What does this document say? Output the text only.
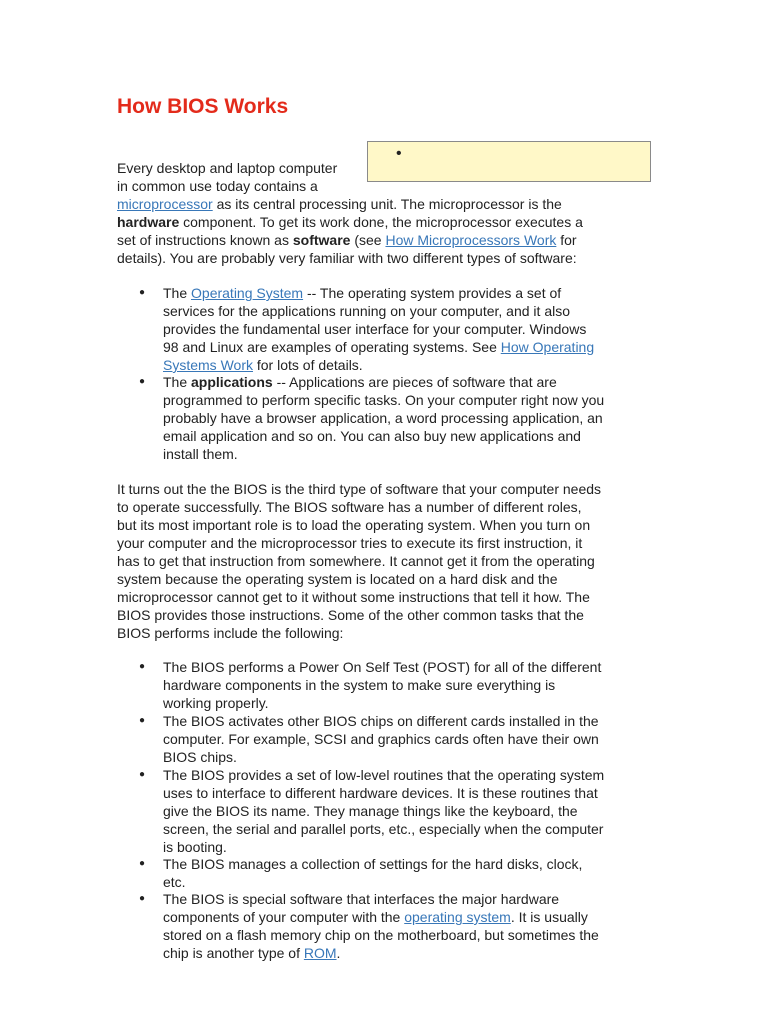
How BIOS Works
•
Every desktop and laptop computer
in common use today contains a
microprocessor as its central processing unit. The microprocessor is the
hardware component. To get its work done, the microprocessor executes a
set of instructions known as software (see How Microprocessors Work for
details). You are probably very familiar with two different types of software:
● The Operating System -- The operating system provides a set of
services for the applications running on your computer, and it also
provides the fundamental user interface for your computer. Windows
98 and Linux are examples of operating systems. See How Operating
Systems Work for lots of details.
● The applications -- Applications are pieces of software that are
programmed to perform specific tasks. On your computer right now you
probably have a browser application, a word processing application, an
email application and so on. You can also buy new applications and
install them.
It turns out the the BIOS is the third type of software that your computer needs
to operate successfully. The BIOS software has a number of different roles,
but its most important role is to load the operating system. When you turn on
your computer and the microprocessor tries to execute its first instruction, it
has to get that instruction from somewhere. It cannot get it from the operating
system because the operating system is located on a hard disk and the
microprocessor cannot get to it without some instructions that tell it how. The
BIOS provides those instructions. Some of the other common tasks that the
BIOS performs include the following:
● The BIOS performs a Power On Self Test (POST) for all of the different
hardware components in the system to make sure everything is
working properly.
● The BIOS activates other BIOS chips on different cards installed in the
computer. For example, SCSI and graphics cards often have their own
BIOS chips.
● The BIOS provides a set of low-level routines that the operating system
uses to interface to different hardware devices. It is these routines that
give the BIOS its name. They manage things like the keyboard, the
screen, the serial and parallel ports, etc., especially when the computer
is booting.
● The BIOS manages a collection of settings for the hard disks, clock,
etc.
● The BIOS is special software that interfaces the major hardware
components of your computer with the operating system. It is usually
stored on a flash memory chip on the motherboard, but sometimes the
chip is another type of ROM.
